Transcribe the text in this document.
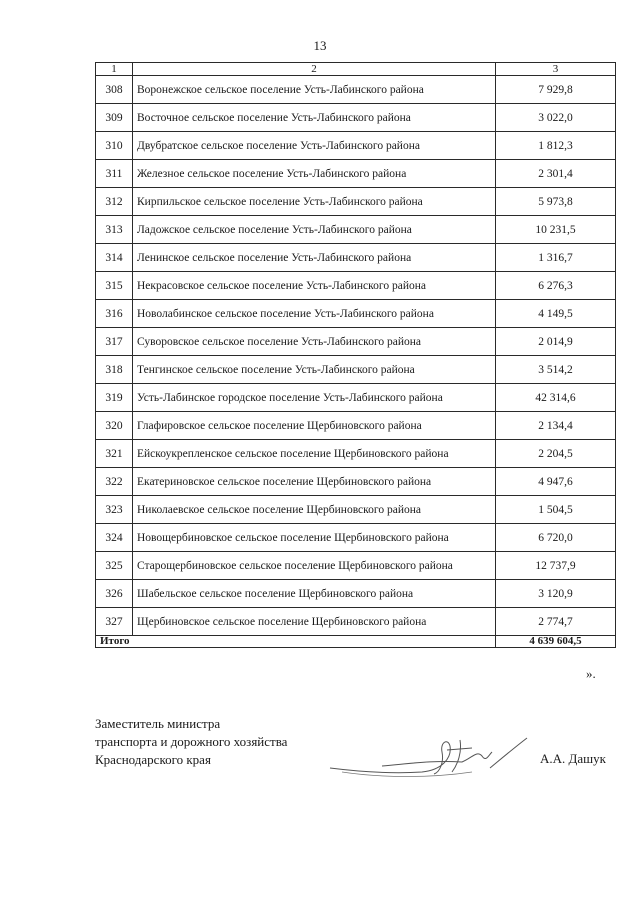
13
1	2	3
308	Воронежское сельское поселение Усть-Лабинского района	7 929,8
309	Восточное сельское поселение Усть-Лабинского района	3 022,0
310	Двубратское сельское поселение Усть-Лабинского района	1 812,3
311	Железное сельское поселение Усть-Лабинского района	2 301,4
312	Кирпильское сельское поселение Усть-Лабинского района	5 973,8
313	Ладожское сельское поселение Усть-Лабинского района	10 231,5
314	Ленинское сельское поселение Усть-Лабинского района	1 316,7
315	Некрасовское сельское поселение Усть-Лабинского района	6 276,3
316	Новолабинское сельское поселение Усть-Лабинского района	4 149,5
317	Суворовское сельское поселение Усть-Лабинского района	2 014,9
318	Тенгинское сельское поселение Усть-Лабинского района	3 514,2
319	Усть-Лабинское городское поселение Усть-Лабинского района	42 314,6
320	Глафировское сельское поселение Щербиновского района	2 134,4
321	Ейскоукрепленское сельское поселение Щербиновского района	2 204,5
322	Екатериновское сельское поселение Щербиновского района	4 947,6
323	Николаевское сельское поселение Щербиновского района	1 504,5
324	Новощербиновское сельское поселение Щербиновского района	6 720,0
325	Старощербиновское сельское поселение Щербиновского района	12 737,9
326	Шабельское сельское поселение Щербиновского района	3 120,9
327	Щербиновское сельское поселение Щербиновского района	2 774,7
Итого		4 639 604,5
».
Заместитель министра
транспорта и дорожного хозяйства
Краснодарского края	А.А. Дашук
